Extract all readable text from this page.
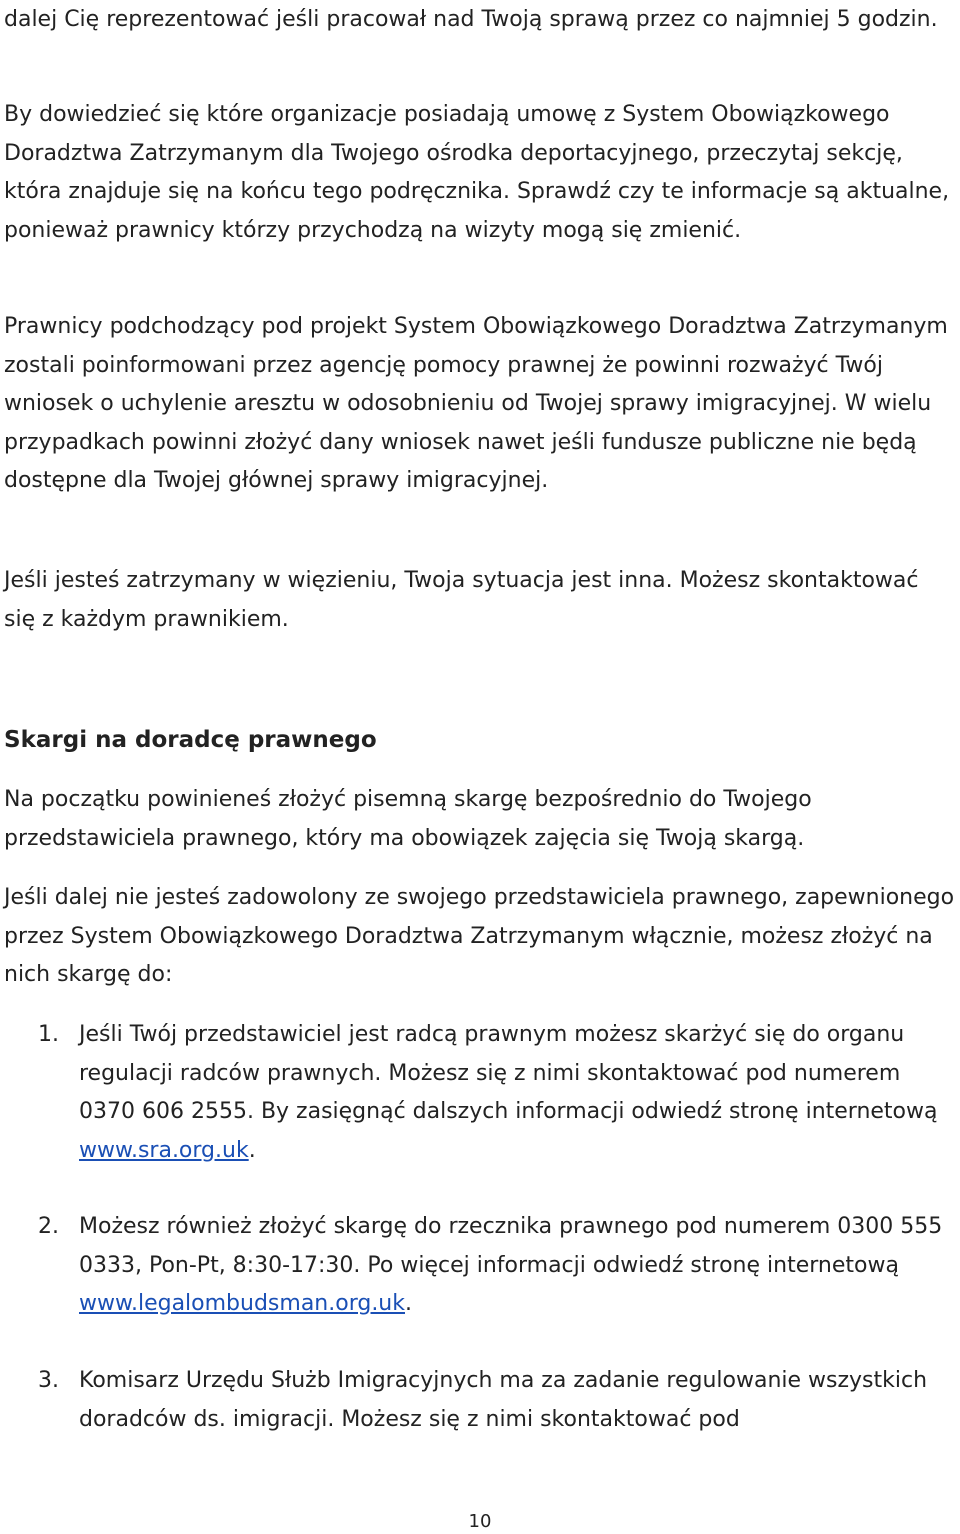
dalej Cię reprezentować jeśli pracował nad Twoją sprawą przez co najmniej 5 godzin.

By dowiedzieć się które organizacje posiadają umowę z System Obowiązkowego Doradztwa Zatrzymanym dla Twojego ośrodka deportacyjnego, przeczytaj sekcję, która znajduje się na końcu tego podręcznika. Sprawdź czy te informacje są aktualne, ponieważ prawnicy którzy przychodzą na wizyty mogą się zmienić.

Prawnicy podchodzący pod projekt System Obowiązkowego Doradztwa Zatrzymanym zostali poinformowani przez agencję pomocy prawnej że powinni rozważyć Twój wniosek o uchylenie aresztu w odosobnieniu od Twojej sprawy imigracyjnej. W wielu przypadkach powinni złożyć dany wniosek nawet jeśli fundusze publiczne nie będą dostępne dla Twojej głównej sprawy imigracyjnej.

Jeśli jesteś zatrzymany w więzieniu, Twoja sytuacja jest inna. Możesz skontaktować się z każdym prawnikiem.

Skargi na doradcę prawnego

Na początku powinieneś złożyć pisemną skargę bezpośrednio do Twojego przedstawiciela prawnego, który ma obowiązek zajęcia się Twoją skargą.

Jeśli dalej nie jesteś zadowolony ze swojego przedstawiciela prawnego, zapewnionego przez System Obowiązkowego Doradztwa Zatrzymanym włącznie, możesz złożyć na nich skargę do:

1. Jeśli Twój przedstawiciel jest radcą prawnym możesz skarżyć się do organu regulacji radców prawnych. Możesz się z nimi skontaktować pod numerem 0370 606 2555. By zasięgnąć dalszych informacji odwiedź stronę internetową www.sra.org.uk.

2. Możesz również złożyć skargę do rzecznika prawnego pod numerem 0300 555 0333, Pon-Pt, 8:30-17:30. Po więcej informacji odwiedź stronę internetową www.legalombudsman.org.uk.

3. Komisarz Urzędu Służb Imigracyjnych ma za zadanie regulowanie wszystkich doradców ds. imigracji. Możesz się z nimi skontaktować pod

10
